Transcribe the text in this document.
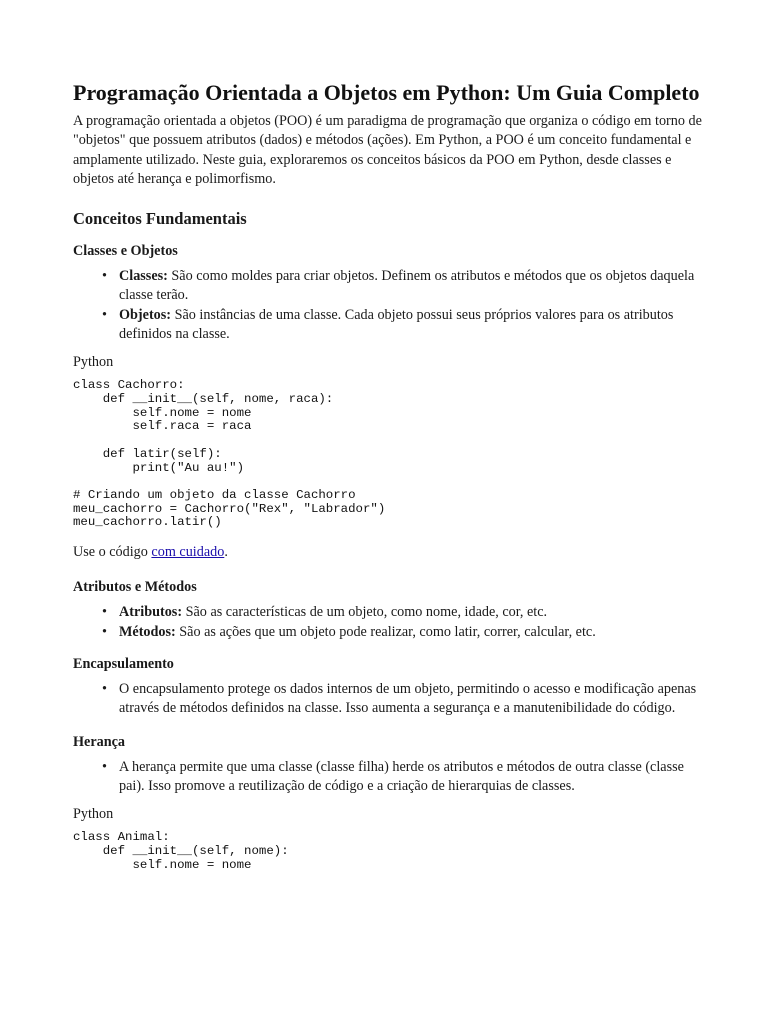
Programação Orientada a Objetos em Python: Um Guia Completo

A programação orientada a objetos (POO) é um paradigma de programação que organiza o código em torno de "objetos" que possuem atributos (dados) e métodos (ações). Em Python, a POO é um conceito fundamental e amplamente utilizado. Neste guia, exploraremos os conceitos básicos da POO em Python, desde classes e objetos até herança e polimorfismo.

Conceitos Fundamentais
Classes e Objetos
• Classes: São como moldes para criar objetos. Definem os atributos e métodos que os objetos daquela classe terão.
• Objetos: São instâncias de uma classe. Cada objeto possui seus próprios valores para os atributos definidos na classe.
Python
class Cachorro:
def __init__(self, nome, raca):
self.nome = nome
self.raca = raca

def latir(self):
print("Au au!")

# Criando um objeto da classe Cachorro
meu_cachorro = Cachorro("Rex", "Labrador")
meu_cachorro.latir()

Use o código com cuidado.

Atributos e Métodos
• Atributos: São as características de um objeto, como nome, idade, cor, etc.
• Métodos: São as ações que um objeto pode realizar, como latir, correr, calcular, etc.
Encapsulamento
• O encapsulamento protege os dados internos de um objeto, permitindo o acesso e modificação apenas através de métodos definidos na classe. Isso aumenta a segurança e a manutenibilidade do código.
Herança
• A herança permite que uma classe (classe filha) herde os atributos e métodos de outra classe (classe pai). Isso promove a reutilização de código e a criação de hierarquias de classes.
Python
class Animal:
def __init__(self, nome):
self.nome = nome
